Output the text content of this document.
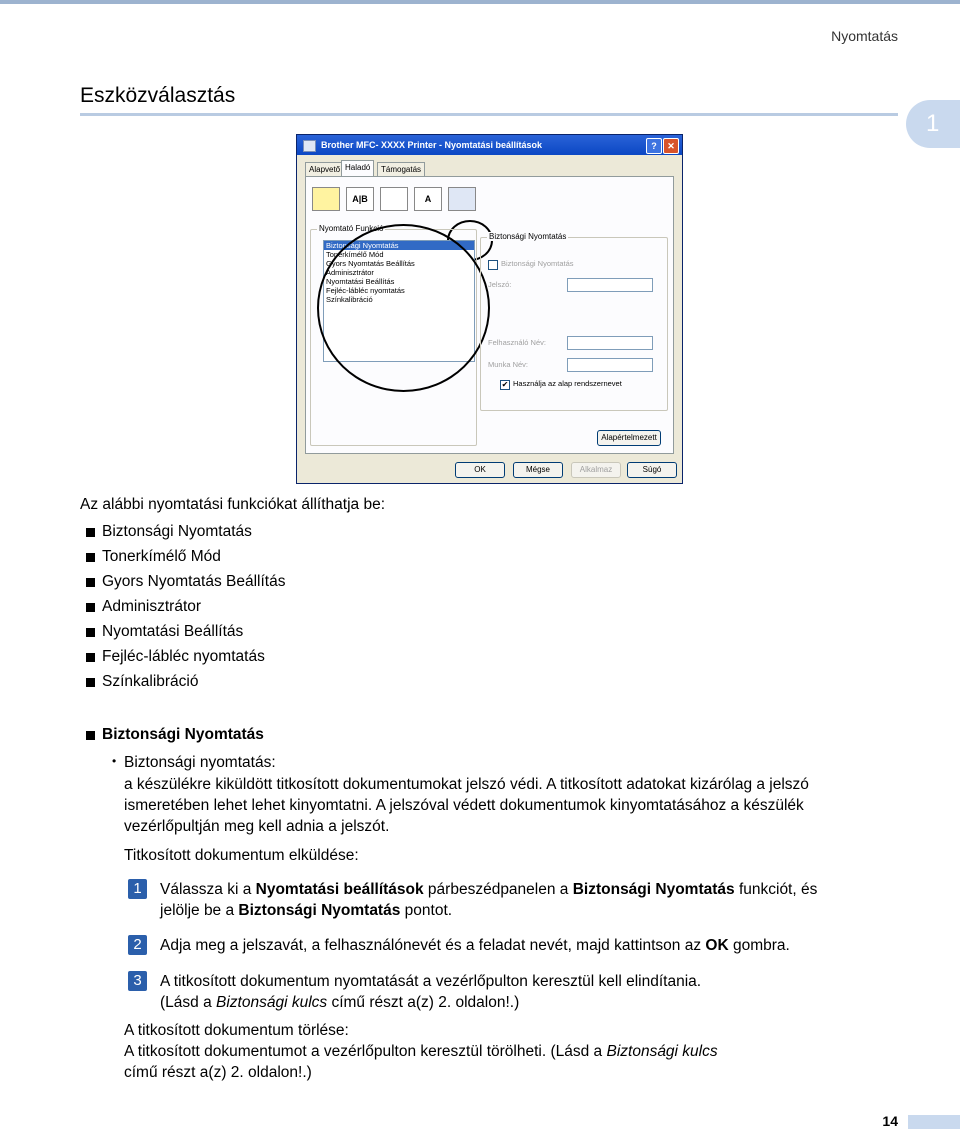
Nyomtatás
Eszközválasztás
1
Brother MFC- XXXX Printer - Nyomtatási beállítások	?	✕
Alapvető Haladó	Támogatás
A|B	A
Nyomtató Funkció
Biztonsági Nyomtatás
Tonerkímélő Mód
Gyors Nyomtatás Beállítás
Adminisztrátor
Nyomtatási Beállítás
Fejléc-lábléc nyomtatás
Színkalibráció
Biztonsági Nyomtatás
Biztonsági Nyomtatás
Jelszó:
Felhasználó Név:
Munka Név:
✔ Használja az alap rendszernevet
Alapértelmezett
OK	Mégse	Alkalmaz	Súgó
Az alábbi nyomtatási funkciókat állíthatja be:
Biztonsági Nyomtatás
Tonerkímélő Mód
Gyors Nyomtatás Beállítás
Adminisztrátor
Nyomtatási Beállítás
Fejléc-lábléc nyomtatás
Színkalibráció
Biztonsági Nyomtatás
• Biztonsági nyomtatás:
a készülékre kiküldött titkosított dokumentumokat jelszó védi. A titkosított adatokat kizárólag a jelszó
ismeretében lehet lehet kinyomtatni. A jelszóval védett dokumentumok kinyomtatásához a készülék
vezérlőpultján meg kell adnia a jelszót.
Titkosított dokumentum elküldése:
1	Válassza ki a Nyomtatási beállítások párbeszédpanelen a Biztonsági Nyomtatás funkciót, és
jelölje be a Biztonsági Nyomtatás pontot.
2	Adja meg a jelszavát, a felhasználónevét és a feladat nevét, majd kattintson az OK gombra.
3	A titkosított dokumentum nyomtatását a vezérlőpulton keresztül kell elindítania.
(Lásd a Biztonsági kulcs című részt a(z) 2. oldalon!.)
A titkosított dokumentum törlése:
A titkosított dokumentumot a vezérlőpulton keresztül törölheti. (Lásd a Biztonsági kulcs
című részt a(z) 2. oldalon!.)
14
